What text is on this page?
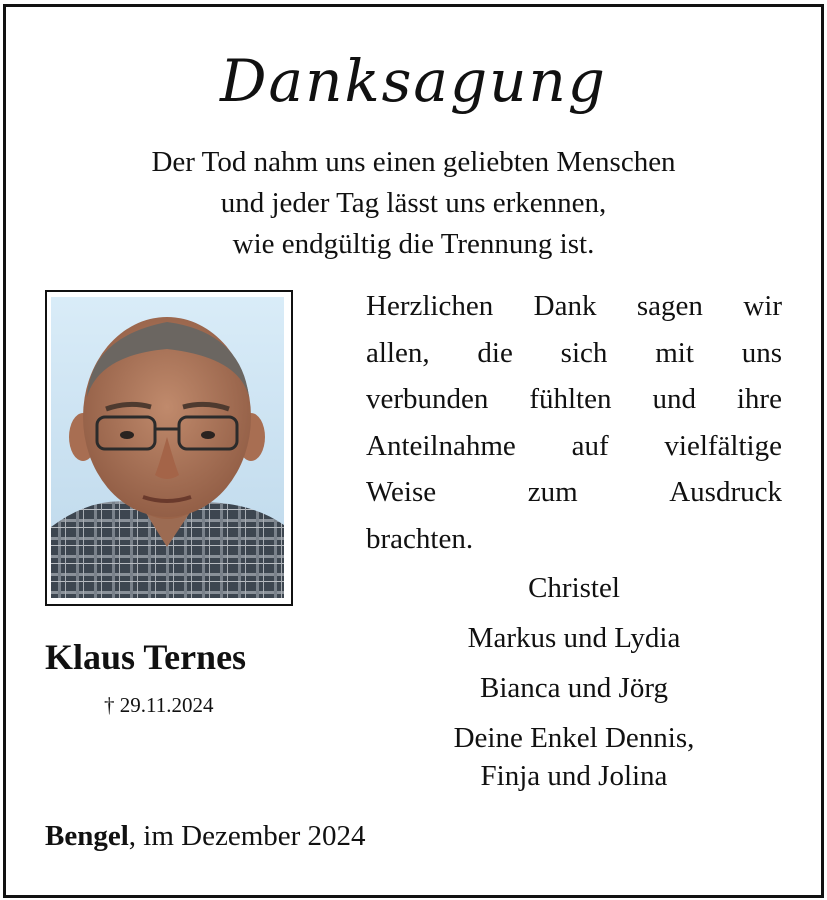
Danksagung
Der Tod nahm uns einen geliebten Menschen
und jeder Tag lässt uns erkennen,
wie endgültig die Trennung ist.
Klaus Ternes
† 29.11.2024
Herzlichen Dank sagen wir
allen, die sich mit uns
verbunden fühlten und ihre
Anteilnahme auf vielfältige
Weise	zum	Ausdruck
brachten.
Christel
Markus und Lydia
Bianca und Jörg
Deine Enkel Dennis,
Finja und Jolina
Bengel, im Dezember 2024
